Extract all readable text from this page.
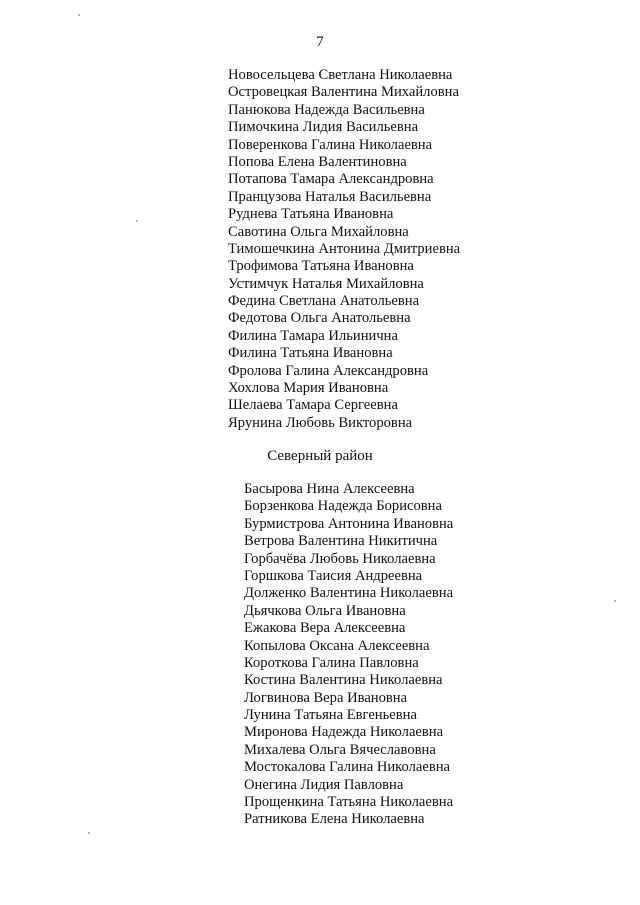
7
Новосельцева Светлана Николаевна
Островецкая Валентина Михайловна
Панюкова Надежда Васильевна
Пимочкина Лидия Васильевна
Поверенкова Галина Николаевна
Попова Елена Валентиновна
Потапова Тамара Александровна
Пранцузова Наталья Васильевна
Руднева Татьяна Ивановна
Савотина Ольга Михайловна
Тимошечкина Антонина Дмитриевна
Трофимова Татьяна Ивановна
Устимчук Наталья Михайловна
Федина Светлана Анатольевна
Федотова Ольга Анатольевна
Филина Тамара Ильинична
Филина Татьяна Ивановна
Фролова Галина Александровна
Хохлова Мария Ивановна
Шелаева Тамара Сергеевна
Ярунина Любовь Викторовна
Северный район
Басырова Нина Алексеевна
Борзенкова Надежда Борисовна
Бурмистрова Антонина Ивановна
Ветрова Валентина Никитична
Горбачёва Любовь Николаевна
Горшкова Таисия Андреевна
Долженко Валентина Николаевна
Дьячкова Ольга Ивановна
Ежакова Вера Алексеевна
Копылова Оксана Алексеевна
Короткова Галина Павловна
Костина Валентина Николаевна
Логвинова Вера Ивановна
Лунина Татьяна Евгеньевна
Миронова Надежда Николаевна
Михалева Ольга Вячеславовна
Мостокалова Галина Николаевна
Онегина Лидия Павловна
Прощенкина Татьяна Николаевна
Ратникова Елена Николаевна
